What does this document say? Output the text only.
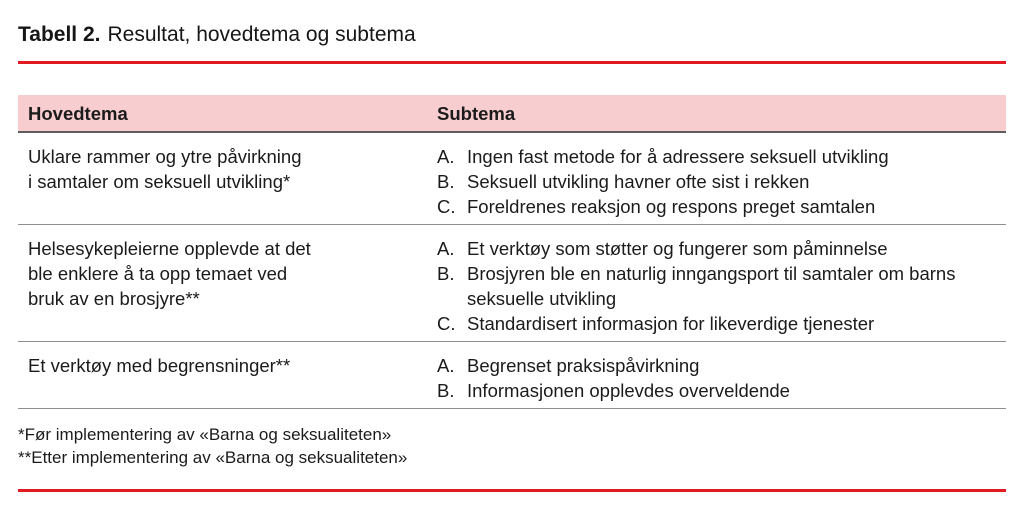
Tabell 2. Resultat, hovedtema og subtema
Hovedtema	Subtema
Uklare rammer og ytre påvirkning
i samtaler om seksuell utvikling*
A. Ingen fast metode for å adressere seksuell utvikling
B. Seksuell utvikling havner ofte sist i rekken
C. Foreldrenes reaksjon og respons preget samtalen
Helsesykepleierne opplevde at det
ble enklere å ta opp temaet ved
bruk av en brosjyre**
A. Et verktøy som støtter og fungerer som påminnelse
B. Brosjyren ble en naturlig inngangsport til samtaler om barns seksuelle utvikling
C. Standardisert informasjon for likeverdige tjenester
Et verktøy med begrensninger**	A. Begrenset praksispåvirkning
B. Informasjonen opplevdes overveldende
*Før implementering av «Barna og seksualiteten»
**Etter implementering av «Barna og seksualiteten»
